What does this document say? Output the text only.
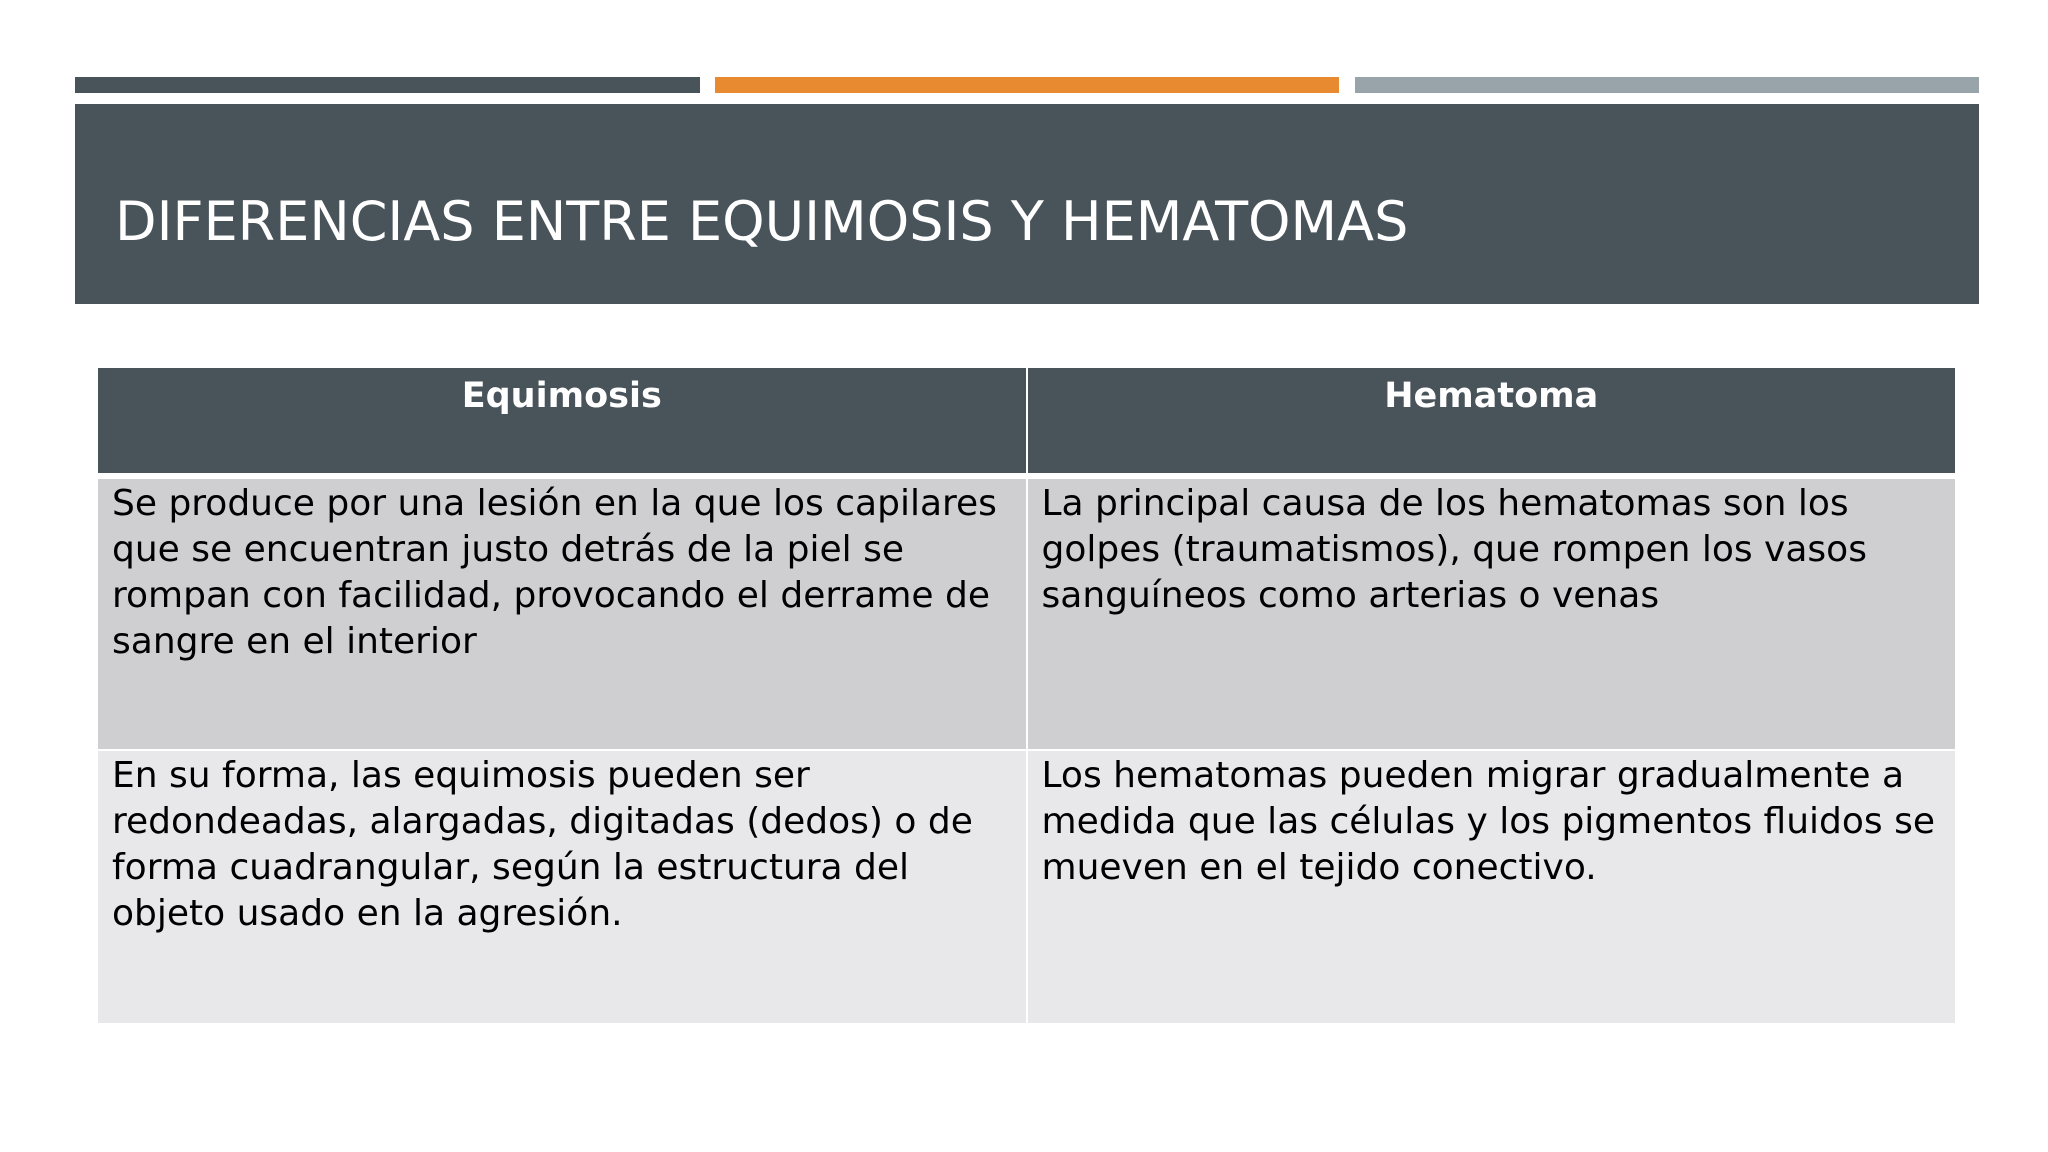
DIFERENCIAS ENTRE EQUIMOSIS Y HEMATOMAS
Equimosis	Hematoma
Se produce por una lesión en la que los capilares que se encuentran justo detrás de la piel se rompan con facilidad, provocando el derrame de sangre en el interior	La principal causa de los hematomas son los golpes (traumatismos), que rompen los vasos sanguíneos como arterias o venas
En su forma, las equimosis pueden ser redondeadas, alargadas, digitadas (dedos) o de forma cuadrangular, según la estructura del objeto usado en la agresión.	Los hematomas pueden migrar gradualmente a medida que las células y los pigmentos fluidos se mueven en el tejido conectivo.
